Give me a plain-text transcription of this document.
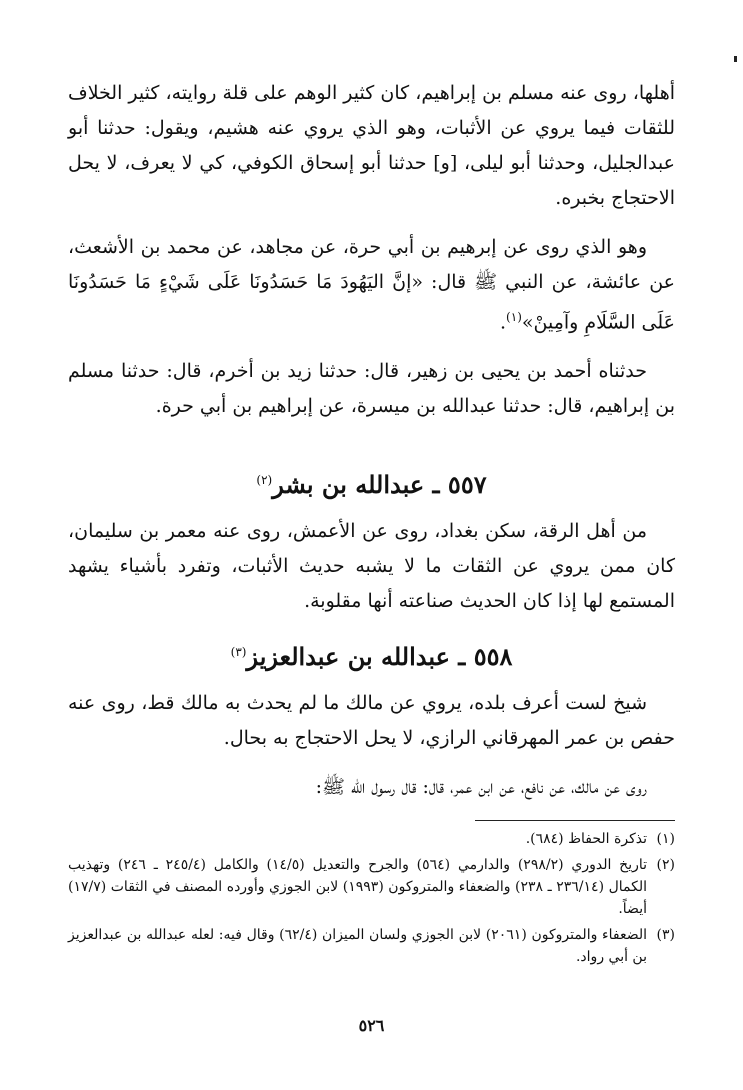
أهلها، روى عنه مسلم بن إبراهيم، كان كثير الوهم على قلة روايته، كثير الخلاف للثقات فيما يروي عن الأثبات، وهو الذي يروي عنه هشيم، ويقول: حدثنا أبو عبدالجليل، وحدثنا أبو ليلى، [و] حدثنا أبو إسحاق الكوفي، كي لا يعرف، لا يحل الاحتجاج بخبره.

وهو الذي روى عن إبرهيم بن أبي حرة، عن مجاهد، عن محمد بن الأشعث، عن عائشة، عن النبي ﷺ قال: «إنَّ اليَهُودَ مَا حَسَدُونَا عَلَى شَيْءٍ مَا حَسَدُونَا عَلَى السَّلَامِ وآمِينْ»$^{(١)}$.

حدثناه أحمد بن يحيى بن زهير، قال: حدثنا زيد بن أخرم، قال: حدثنا مسلم بن إبراهيم، قال: حدثنا عبدالله بن ميسرة، عن إبراهيم بن أبي حرة.

٥٥٧ ـ عبدالله بن بشر$^{(٢)}$

من أهل الرقة، سكن بغداد، روى عن الأعمش، روى عنه معمر بن سليمان، كان ممن يروي عن الثقات ما لا يشبه حديث الأثبات، وتفرد بأشياء يشهد المستمع لها إذا كان الحديث صناعته أنها مقلوبة.

٥٥٨ ـ عبدالله بن عبدالعزيز$^{(٣)}$

شيخ لست أعرف بلده، يروي عن مالك ما لم يحدث به مالك قط، روى عنه حفص بن عمر المهرقاني الرازي، لا يحل الاحتجاج به بحال.

روى عن مالك، عن نافع، عن ابن عمر، قال: قال رسول الله ﷺ:

(١)
تذكرة الحفاظ (٦٨٤).
(٢)
تاريخ الدوري (٢٩٨/٢) والدارمي (٥٦٤) والجرح والتعديل (١٤/٥) والكامل (٢٤٥/٤ ـ ٢٤٦) وتهذيب الكمال (٢٣٦/١٤ ـ ٢٣٨) والضعفاء والمتروكون (١٩٩٣) لابن الجوزي وأورده المصنف في الثقات (١٧/٧) أيضاً.
(٣)
الضعفاء والمتروكون (٢٠٦١) لابن الجوزي ولسان الميزان (٦٢/٤) وقال فيه: لعله عبدالله بن عبدالعزيز بن أبي رواد.
٥٢٦
